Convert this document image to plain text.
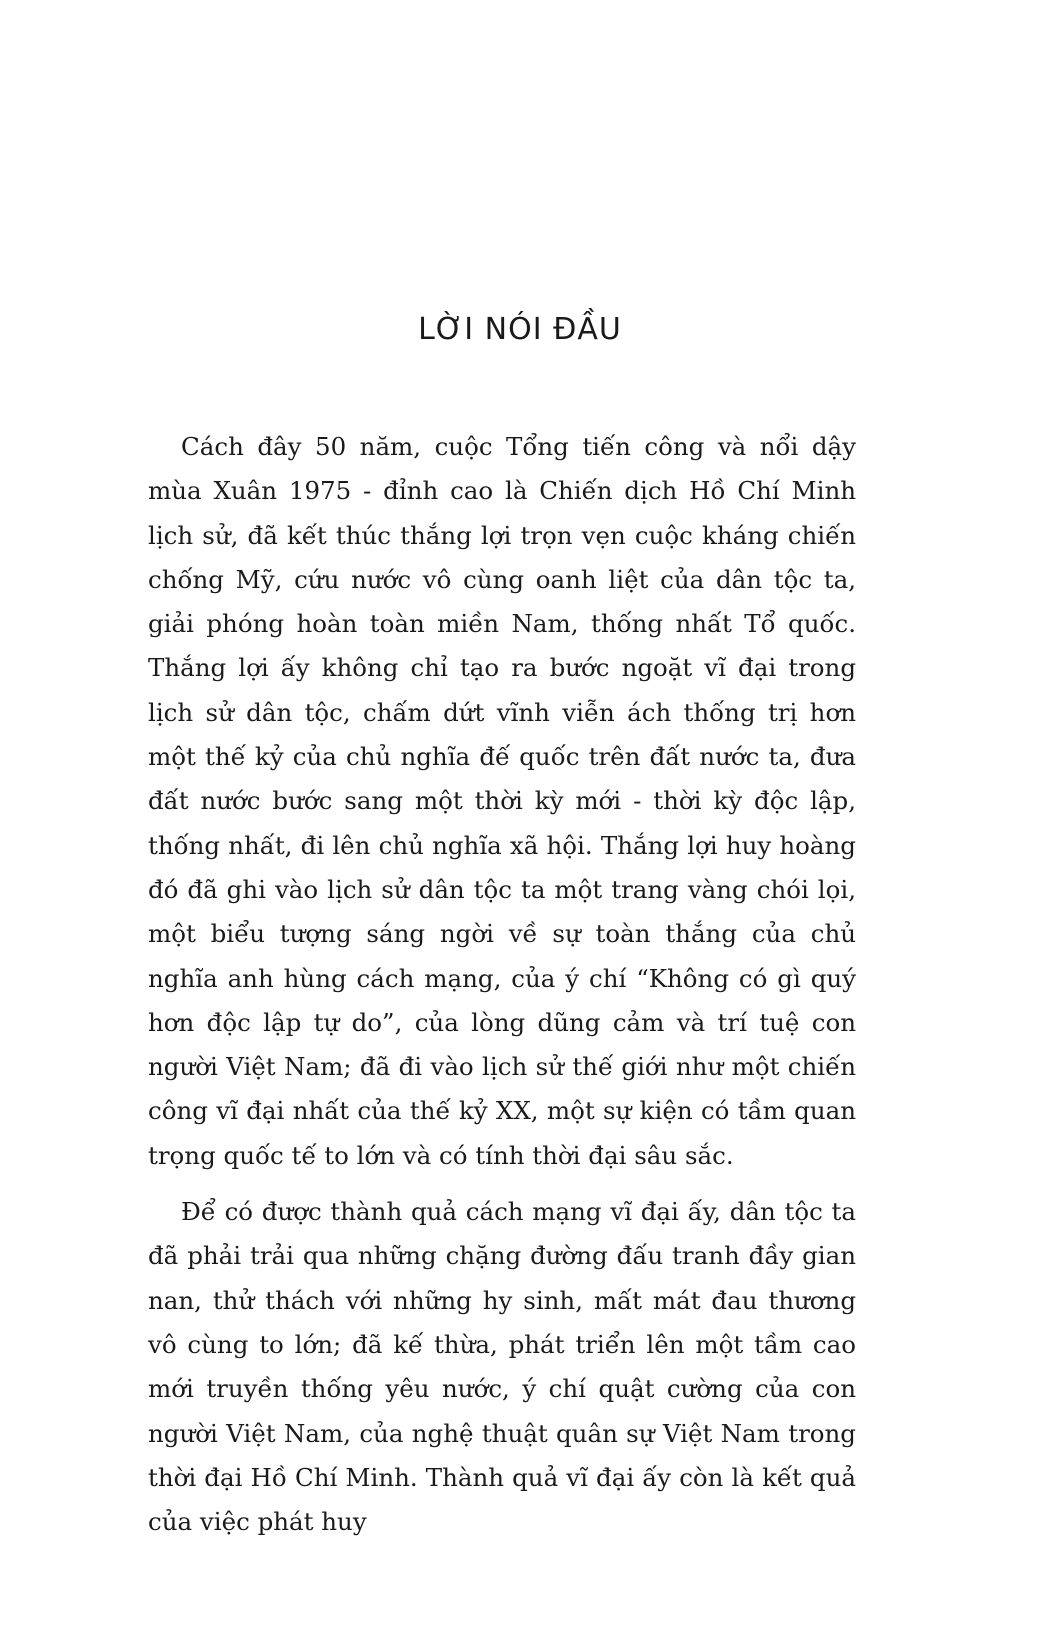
LỜI NÓI ĐẦU

Cách đây 50 năm, cuộc Tổng tiến công và nổi dậy mùa Xuân 1975 - đỉnh cao là Chiến dịch Hồ Chí Minh lịch sử, đã kết thúc thắng lợi trọn vẹn cuộc kháng chiến chống Mỹ, cứu nước vô cùng oanh liệt của dân tộc ta, giải phóng hoàn toàn miền Nam, thống nhất Tổ quốc. Thắng lợi ấy không chỉ tạo ra bước ngoặt vĩ đại trong lịch sử dân tộc, chấm dứt vĩnh viễn ách thống trị hơn một thế kỷ của chủ nghĩa đế quốc trên đất nước ta, đưa đất nước bước sang một thời kỳ mới - thời kỳ độc lập, thống nhất, đi lên chủ nghĩa xã hội. Thắng lợi huy hoàng đó đã ghi vào lịch sử dân tộc ta một trang vàng chói lọi, một biểu tượng sáng ngời về sự toàn thắng của chủ nghĩa anh hùng cách mạng, của ý chí “Không có gì quý hơn độc lập tự do”, của lòng dũng cảm và trí tuệ con người Việt Nam; đã đi vào lịch sử thế giới như một chiến công vĩ đại nhất của thế kỷ XX, một sự kiện có tầm quan trọng quốc tế to lớn và có tính thời đại sâu sắc.

Để có được thành quả cách mạng vĩ đại ấy, dân tộc ta đã phải trải qua những chặng đường đấu tranh đầy gian nan, thử thách với những hy sinh, mất mát đau thương vô cùng to lớn; đã kế thừa, phát triển lên một tầm cao mới truyền thống yêu nước, ý chí quật cường của con người Việt Nam, của nghệ thuật quân sự Việt Nam trong thời đại Hồ Chí Minh. Thành quả vĩ đại ấy còn là kết quả của việc phát huy
